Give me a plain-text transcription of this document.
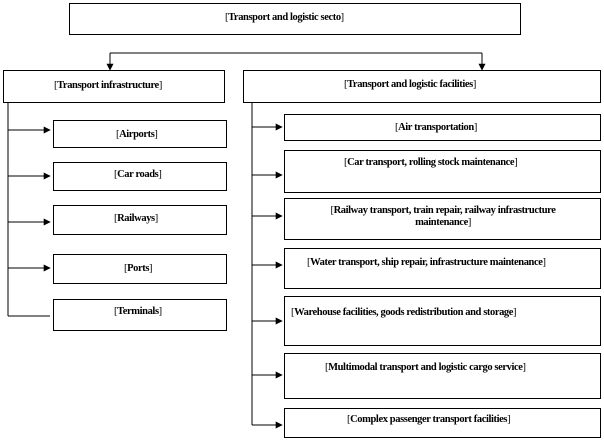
[ Transport and logistic secto ]
[ Transport infrastructure ]
[ Airports ]
[ Car roads ]
[ Railways ]
[ Ports ]
[ Terminals ]
[ Transport and logistic facilities ]
[ Air transportation ]
[ Car transport, rolling stock maintenance ]
[ Railway transport, train repair, railway infrastructure maintenance ]
[ Water transport, ship repair, infrastructure maintenance ]
[ Warehouse facilities, goods redistribution and storage ]
[ Multimodal transport and logistic cargo service ]
[ Complex passenger transport facilities ]
